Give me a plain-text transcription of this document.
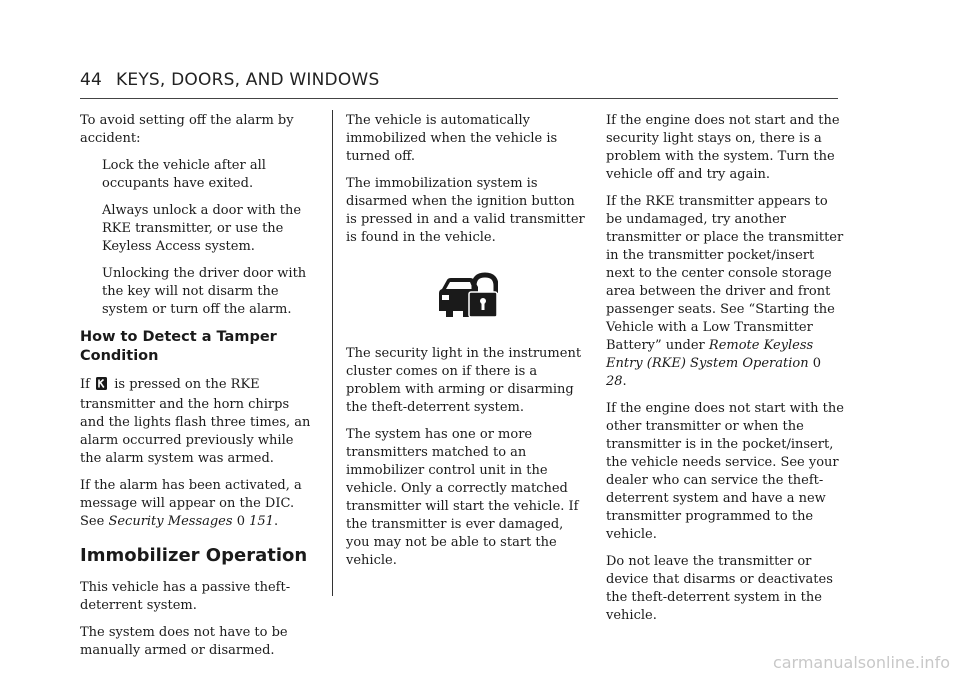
44 KEYS, DOORS, AND WINDOWS

To avoid setting off the alarm by accident:

Lock the vehicle after all occupants have exited.
Always unlock a door with the RKE transmitter, or use the Keyless Access system.

Unlocking the driver door with the key will not disarm the system or turn off the alarm.

How to Detect a Tamper Condition

If is pressed on the RKE transmitter and the horn chirps and the lights flash three times, an alarm occurred previously while the alarm system was armed.

If the alarm has been activated, a message will appear on the DIC. See Security Messages 0 151.

Immobilizer Operation

This vehicle has a passive theft-deterrent system.

The system does not have to be manually armed or disarmed.

The vehicle is automatically immobilized when the vehicle is turned off.

The immobilization system is disarmed when the ignition button is pressed in and a valid transmitter is found in the vehicle.

The security light in the instrument cluster comes on if there is a problem with arming or disarming the theft-deterrent system.

The system has one or more transmitters matched to an immobilizer control unit in the vehicle. Only a correctly matched transmitter will start the vehicle. If the transmitter is ever damaged, you may not be able to start the vehicle.

If the engine does not start and the security light stays on, there is a problem with the system. Turn the vehicle off and try again.

If the RKE transmitter appears to be undamaged, try another transmitter or place the transmitter in the transmitter pocket/insert next to the center console storage area between the driver and front passenger seats. See “Starting the Vehicle with a Low Transmitter Battery” under Remote Keyless Entry (RKE) System Operation 0 28.

If the engine does not start with the other transmitter or when the transmitter is in the pocket/insert, the vehicle needs service. See your dealer who can service the theft-deterrent system and have a new transmitter programmed to the vehicle.

Do not leave the transmitter or device that disarms or deactivates the theft-deterrent system in the vehicle.

carmanualsonline.info
